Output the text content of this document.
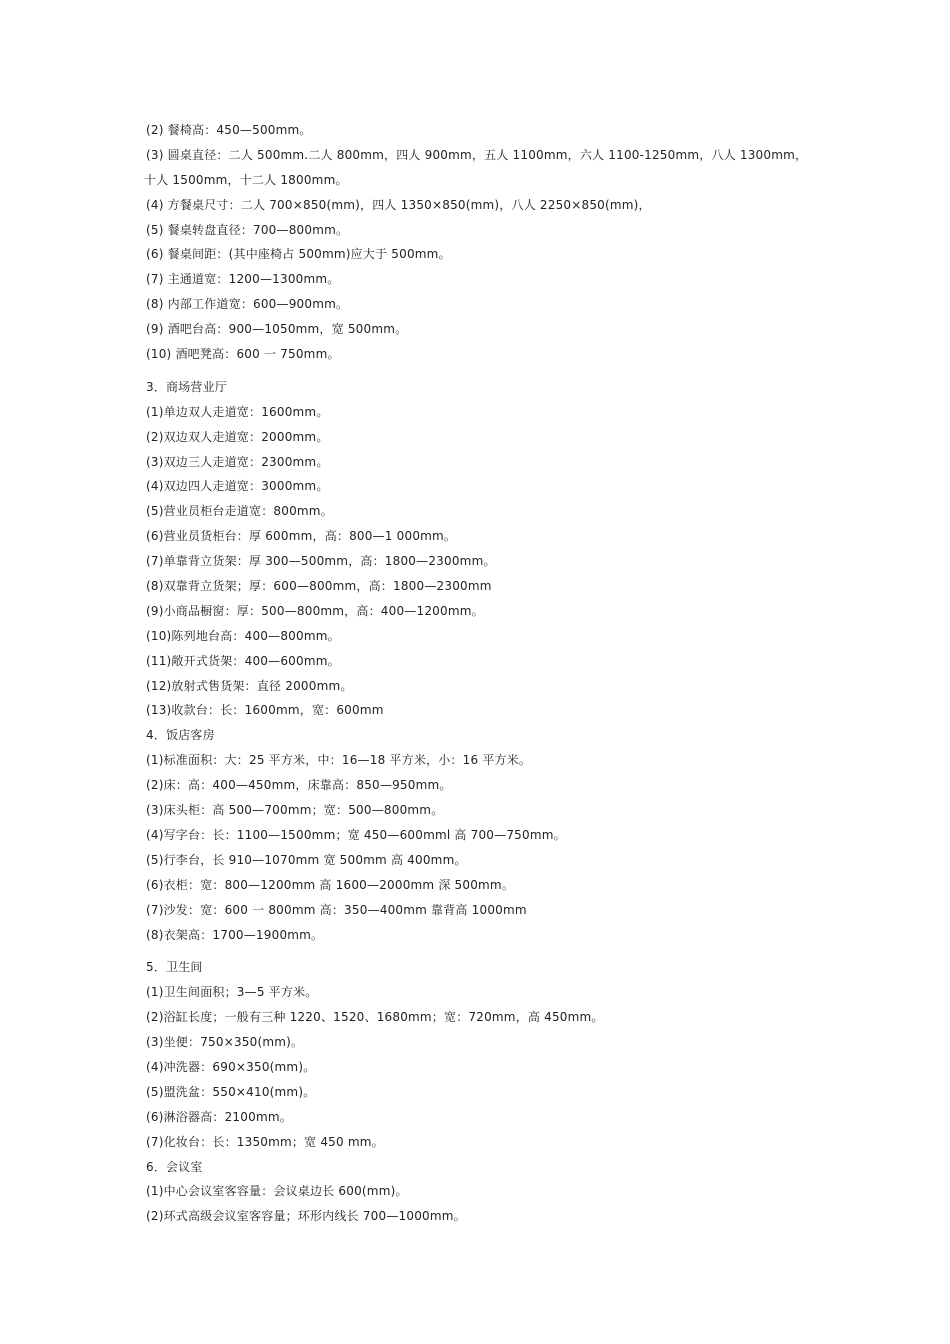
(2) 餐椅高：450—500mm。
(3) 圆桌直径：二人 500mm.二人 800mm，四人 900mm，五人 1100mm，六人 1100-1250mm，八人 1300mm，
十人 1500mm，十二人 1800mm。
(4) 方餐桌尺寸：二人 700×850(mm)，四人 1350×850(mm)，八人 2250×850(mm)，
(5) 餐桌转盘直径：700—800mm。
(6) 餐桌间距：(其中座椅占 500mm)应大于 500mm。
(7) 主通道宽：1200—1300mm。
(8) 内部工作道宽：600—900mm。
(9) 酒吧台高：900—1050mm，宽 500mm。
(10) 酒吧凳高：600 一 750mm。
3．商场营业厅
(1)单边双人走道宽：1600mm。
(2)双边双人走道宽：2000mm。
(3)双边三人走道宽：2300mm。
(4)双边四人走道宽：3000mm。
(5)营业员柜台走道宽：800mm。
(6)营业员货柜台：厚 600mm，高：800—1 000mm。
(7)单靠背立货架：厚 300—500mm，高：1800—2300mm。
(8)双靠背立货架；厚：600—800mm，高：1800—2300mm
(9)小商品橱窗：厚：500—800mm，高：400—1200mm。
(10)陈列地台高：400—800mm。
(11)敞开式货架：400—600mm。
(12)放射式售货架：直径 2000mm。
(13)收款台：长：1600mm，宽：600mm
4．饭店客房
(1)标准面积：大：25 平方米，中：16—18 平方米，小：16 平方米。
(2)床：高：400—450mm，床靠高：850—950mm。
(3)床头柜：高 500—700mm；宽：500—800mm。
(4)写字台：长：1100—1500mm；宽 450—600mml 高 700—750mm。
(5)行李台，长 910—1070mm 宽 500mm 高 400mm。
(6)衣柜：宽：800—1200mm 高 1600—2000mm 深 500mm。
(7)沙发：宽：600 一 800mm 高：350—400mm 靠背高 1000mm
(8)衣架高：1700—1900mm。
5．卫生间
(1)卫生间面积；3—5 平方米。
(2)浴缸长度；一般有三种 1220、1520、1680mm；宽：720mm，高 450mm。
(3)坐便：750×350(mm)。
(4)冲洗器：690×350(mm)。
(5)盟洗盆：550×410(mm)。
(6)淋浴器高：2100mm。
(7)化妆台：长：1350mm；宽 450 mm。
6．会议室
(1)中心会议室客容量：会议桌边长 600(mm)。
(2)环式高级会议室客容量；环形内线长 700—1000mm。
